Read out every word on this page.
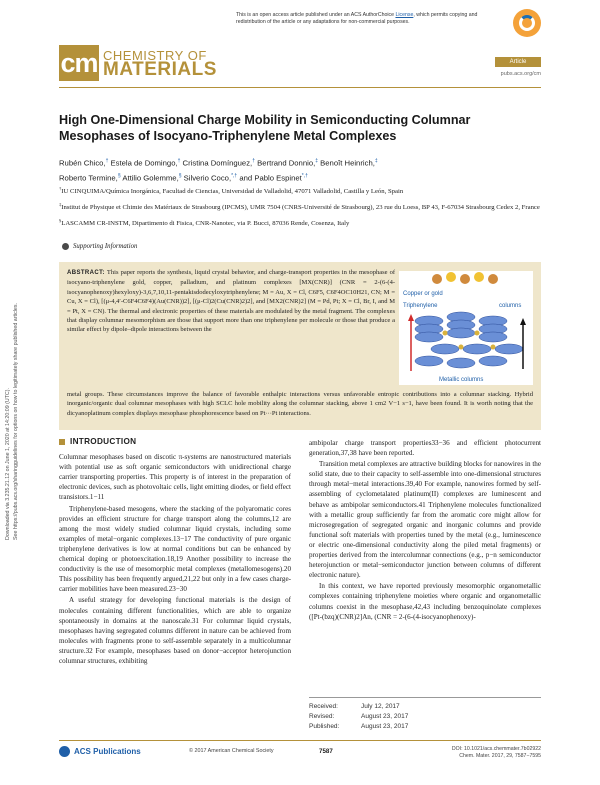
This is an open access article published under an ACS AuthorChoice License, which permits copying and redistribution of the article or any adaptations for non-commercial purposes.
cm CHEMISTRY OF
MATERIALS	Article
pubs.acs.org/cm
Downloaded via 3.235.21.12 on June 1, 2020 at 14:20:09 (UTC). See https://pubs.acs.org/sharingguidelines for options on how to legitimately share published articles.
High One-Dimensional Charge Mobility in Semiconducting Columnar Mesophases of Isocyano-Triphenylene Metal Complexes
Rubén Chico,† Estela de Domingo,† Cristina Domínguez,† Bertrand Donnio,‡ Benoît Heinrich,‡
Roberto Termine,§ Attilio Golemme,§ Silverio Coco,*,† and Pablo Espinet*,†

†IU CINQUIMA/Química Inorgánica, Facultad de Ciencias, Universidad de Valladolid, 47071 Valladolid, Castilla y León, Spain

‡Institut de Physique et Chimie des Matériaux de Strasbourg (IPCMS), UMR 7504 (CNRS-Université de Strasbourg), 23 rue du Loess, BP 43, F-67034 Strasbourg Cedex 2, France

§LASCAMM CR-INSTM, Dipartimento di Fisica, CNR-Nanotec, via P. Bucci, 87036 Rende, Cosenza, Italy

Supporting Information
ABSTRACT: This paper reports the synthesis, liquid crystal behavior, and charge-transport properties in the mesophase of isocyano-triphenylene gold, copper, palladium, and platinum complexes [MX(CNR)] (CNR = 2-(6-(4-isocyanophenoxy)hexyloxy)-3,6,7,10,11-pentakisdodecyloxytriphenylene; M = Au, X = Cl, C6F5, C6F4OC10H21, CN; M = Cu, X = Cl), [(μ-4,4′-C6F4C6F4)(Au(CNR))2], [(μ-Cl)2(Cu(CNR)2)2], and [MX2(CNR)2] (M = Pd, Pt; X = Cl, Br, I, and M = Pt, X = CN). The thermal and electronic properties of these materials are modulated by the metal fragment. The complexes that display columnar mesomorphism are those that support more than one triphenylene per molecule or those that produce a similar effect by dipole–dipole interactions between the
Copper or gold
Triphenylene	columns
Metallic columns
metal groups. These circumstances improve the balance of favorable enthalpic interactions versus unfavorable entropic contributions into a columnar stacking. Hybrid inorganic/organic dual columnar mesophases with high SCLC hole mobility along the columnar stacking, above 1 cm2 V−1 s−1, have been found. It is worth noting that the dicyanoplatinum complex displays mesophase phosphorescence based on Pt···Pt interactions.
INTRODUCTION

Columnar mesophases based on discotic π-systems are nanostructured materials with potential use as soft organic semiconductors with unidirectional charge carrier transporting properties. This property is of interest in the preparation of electronic devices, such as photovoltaic cells, light emitting diodes, or field effect transistors.1−11

Triphenylene-based mesogens, where the stacking of the polyaromatic cores provides an efficient structure for charge transport along the columns,12 are among the most widely studied columnar liquid crystals, including some examples of metal−organic complexes.13−17 The conductivity of pure organic triphenylene derivatives is low at normal conditions but can be enhanced by chemical doping or photoexcitation.18,19 Another possibility to increase the conductivity is the use of mesomorphic metal complexes (metallomesogens).20 This possibility has been frequently argued,21,22 but only in a few cases charge-carrier mobilities have been measured.23−30

A useful strategy for developing functional materials is the design of molecules containing different functionalities, which are able to organize spontaneously in domains at the nanoscale.31 For columnar liquid crystals, mesophases having segregated columns different in nature can be achieved from molecules with fragments prone to self-assemble separately in a multicolumnar structure.32 For example, mesophases based on donor−acceptor heterojunction columnar structures, exhibiting

ambipolar charge transport properties33−36 and efficient photocurrent generation,37,38 have been reported.

Transition metal complexes are attractive building blocks for nanowires in the solid state, due to their capacity to self-assemble into one-dimensional structures through metal−metal interactions.39,40 For example, nanowires formed by self-assembling of cyclometalated platinum(II) complexes are luminescent and behave as ambipolar semiconductors.41 Triphenylene molecules functionalized with a metallic group sufficiently far from the aromatic core might allow for microsegregation of segregated organic and inorganic columns and provide functional soft materials with properties tuned by the metal (e.g., luminescence or electric one-dimensional conductivity along the piled metal fragments) or properties derived from the intercolumnar connections (e.g., p−n semiconductor heterojunction or metal−semiconductor junction between columns of different electronic nature).

In this context, we have reported previously mesomorphic organometallic complexes containing triphenylene moieties where organic and organometallic columns coexist in the mesophase,42,43 including benzoquinolate complexes ([Pt-(bzq)(CNR)2]An, (CNR = 2-(6-(4-isocyanophenoxy)-

Received:	July 12, 2017
Revised:	August 23, 2017
Published:	August 23, 2017
ACS Publications	© 2017 American Chemical Society	7587	DOI: 10.1021/acs.chemmater.7b02922
Chem. Mater. 2017, 29, 7587−7595
